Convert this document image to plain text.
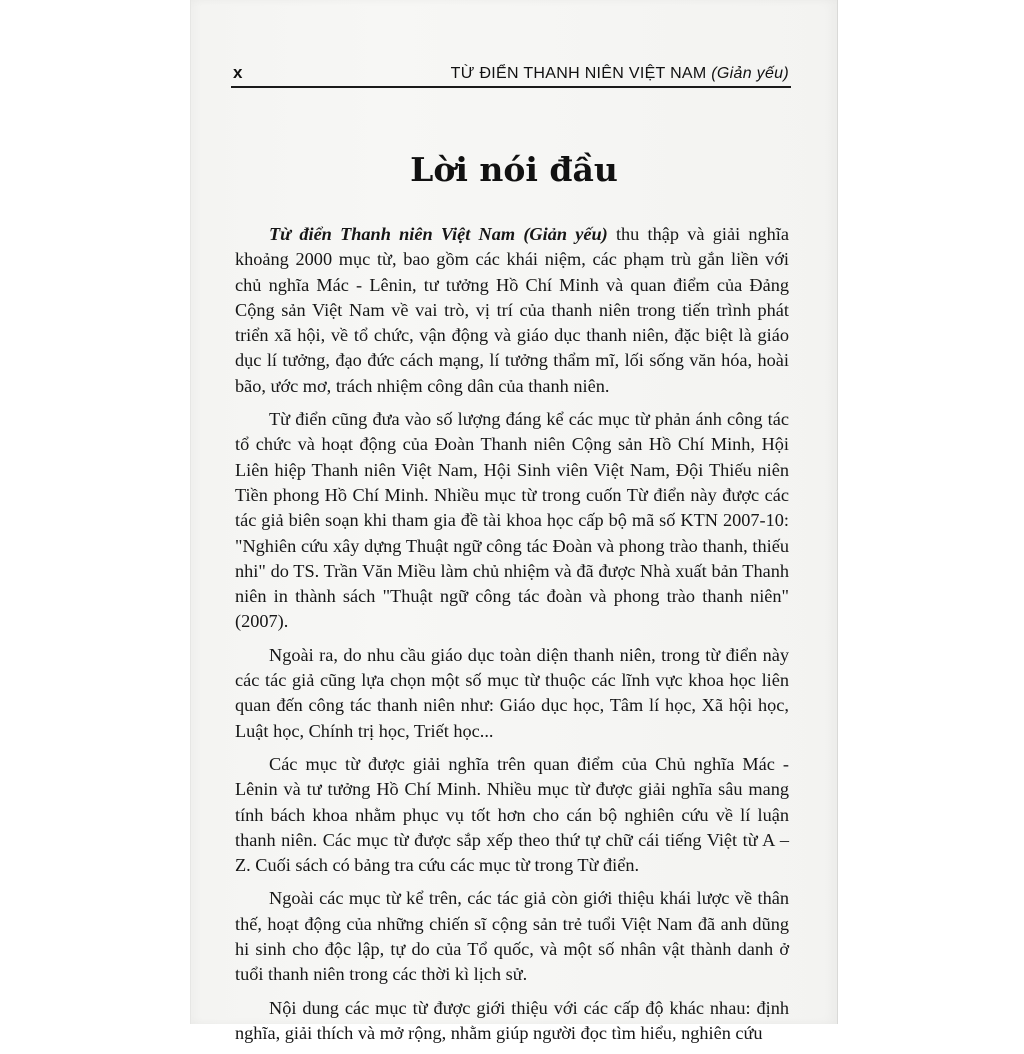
x	TỪ ĐIỂN THANH NIÊN VIỆT NAM (Giản yếu)
Lời nói đầu

Từ điển Thanh niên Việt Nam (Giản yếu) thu thập và giải nghĩa khoảng 2000 mục từ, bao gồm các khái niệm, các phạm trù gắn liền với chủ nghĩa Mác - Lênin, tư tưởng Hồ Chí Minh và quan điểm của Đảng Cộng sản Việt Nam về vai trò, vị trí của thanh niên trong tiến trình phát triển xã hội, về tổ chức, vận động và giáo dục thanh niên, đặc biệt là giáo dục lí tưởng, đạo đức cách mạng, lí tưởng thẩm mĩ, lối sống văn hóa, hoài bão, ước mơ, trách nhiệm công dân của thanh niên.

Từ điển cũng đưa vào số lượng đáng kể các mục từ phản ánh công tác tổ chức và hoạt động của Đoàn Thanh niên Cộng sản Hồ Chí Minh, Hội Liên hiệp Thanh niên Việt Nam, Hội Sinh viên Việt Nam, Đội Thiếu niên Tiền phong Hồ Chí Minh. Nhiều mục từ trong cuốn Từ điển này được các tác giả biên soạn khi tham gia đề tài khoa học cấp bộ mã số KTN 2007-10: "Nghiên cứu xây dựng Thuật ngữ công tác Đoàn và phong trào thanh, thiếu nhi" do TS. Trần Văn Miều làm chủ nhiệm và đã được Nhà xuất bản Thanh niên in thành sách "Thuật ngữ công tác đoàn và phong trào thanh niên" (2007).

Ngoài ra, do nhu cầu giáo dục toàn diện thanh niên, trong từ điển này các tác giả cũng lựa chọn một số mục từ thuộc các lĩnh vực khoa học liên quan đến công tác thanh niên như: Giáo dục học, Tâm lí học, Xã hội học, Luật học, Chính trị học, Triết học...

Các mục từ được giải nghĩa trên quan điểm của Chủ nghĩa Mác - Lênin và tư tưởng Hồ Chí Minh. Nhiều mục từ được giải nghĩa sâu mang tính bách khoa nhằm phục vụ tốt hơn cho cán bộ nghiên cứu về lí luận thanh niên. Các mục từ được sắp xếp theo thứ tự chữ cái tiếng Việt từ A – Z. Cuối sách có bảng tra cứu các mục từ trong Từ điển.

Ngoài các mục từ kể trên, các tác giả còn giới thiệu khái lược về thân thế, hoạt động của những chiến sĩ cộng sản trẻ tuổi Việt Nam đã anh dũng hi sinh cho độc lập, tự do của Tổ quốc, và một số nhân vật thành danh ở tuổi thanh niên trong các thời kì lịch sử.

Nội dung các mục từ được giới thiệu với các cấp độ khác nhau: định nghĩa, giải thích và mở rộng, nhằm giúp người đọc tìm hiểu, nghiên cứu
